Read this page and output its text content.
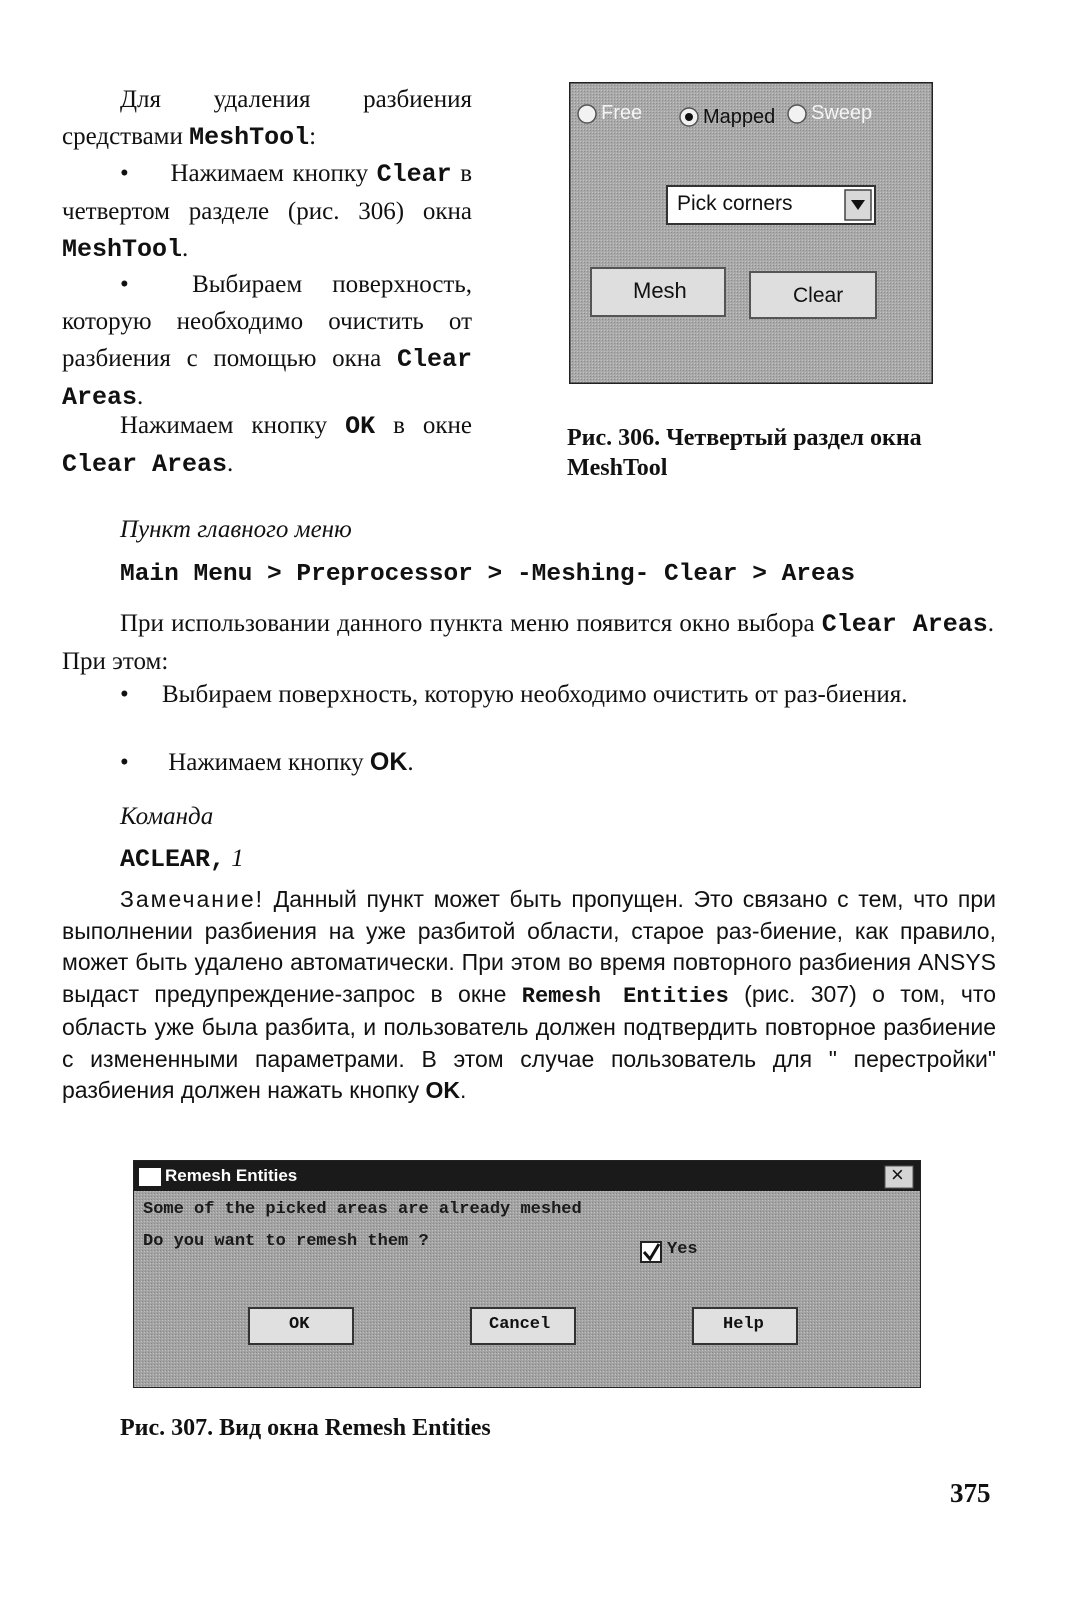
Для удаления разбиения средствами MeshTool:
• Нажимаем кнопку Clear в четвертом разделе (рис. 306) окна MeshTool.
• Выбираем поверхность, которую необходимо очистить от разбиения с помощью окна Clear Areas.
Нажимаем кнопку OK в окне Clear Areas.
Free	Mapped Sweep
Pick corners
Mesh	Clear
Рис. 306. Четвертый раздел окна
MeshTool
Пункт главного меню
Main Menu > Preprocessor > -Meshing- Clear > Areas
При использовании данного пункта меню появится окно выбора Clear Areas. При этом:
• Выбираем поверхность, которую необходимо очистить от раз-биения.
• Нажимаем кнопку OK.
Команда
ACLEAR, 1
Замечание! Данный пункт может быть пропущен. Это связано с тем, что при выполнении разбиения на уже разбитой области, старое раз-биение, как правило, может быть удалено автоматически. При этом во время повторного разбиения ANSYS выдаст предупреждение-запрос в окне Remesh Entities (рис. 307) о том, что область уже была разбита, и пользователь должен подтвердить повторное разбиение с измененными параметрами. В этом случае пользователь для " перестройки" разбиения должен нажать кнопку OK.
Remesh Entities	×
Some of the picked areas are already meshed
Do you want to remesh them ?	Yes
OK	Cancel	Help
Рис. 307. Вид окна Remesh Entities
375
